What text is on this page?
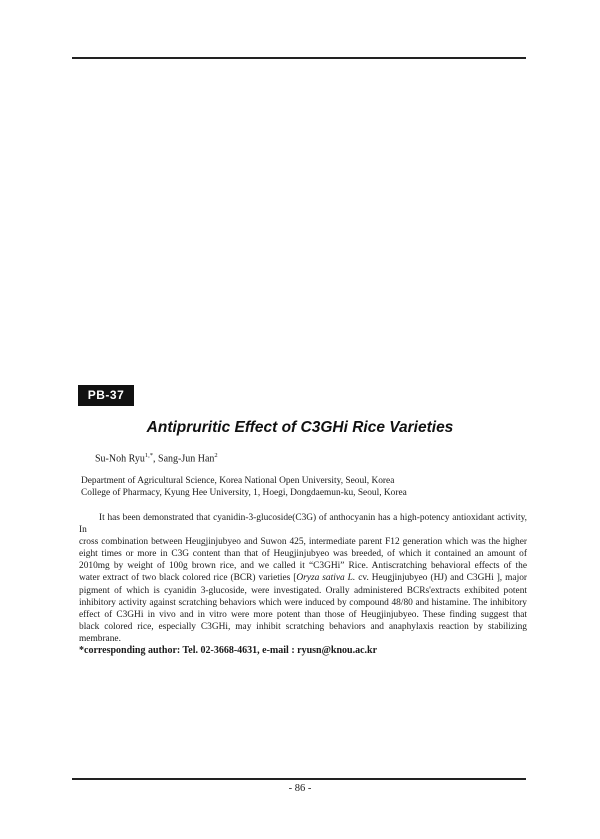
PB-37
Antipruritic Effect of C3GHi Rice Varieties
Su-Noh Ryu$^{1,*}$, Sang-Jun Han$^2$
Department of Agricultural Science, Korea National Open University, Seoul, Korea
College of Pharmacy, Kyung Hee University, 1, Hoegi, Dongdaemun-ku, Seoul, Korea
It has been demonstrated that cyanidin-3-glucoside(C3G) of anthocyanin has a high-potency antioxidant activity, In
cross combination between Heugjinjubyeo and Suwon 425, intermediate parent F12 generation which was the higher
eight times or more in C3G content than that of Heugjinjubyeo was breeded, of which it contained an amount of
2010mg by weight of 100g brown rice, and we called it “C3GHi” Rice. Antiscratching behavioral effects of the
water extract of two black colored rice (BCR) varieties [Oryza sativa L. cv. Heugjinjubyeo (HJ) and C3GHi ], major
pigment of which is cyanidin 3-glucoside, were investigated. Orally administered BCRs'extracts exhibited potent
inhibitory activity against scratching behaviors which were induced by compound 48/80 and histamine. The inhibitory
effect of C3GHi in vivo and in vitro were more potent than those of Heugjinjubyeo. These finding suggest that
black colored rice, especially C3GHi, may inhibit scratching behaviors and anaphylaxis reaction by stabilizing
membrane.
*corresponding author: Tel. 02-3668-4631, e-mail : ryusn@knou.ac.kr
- 86 -
